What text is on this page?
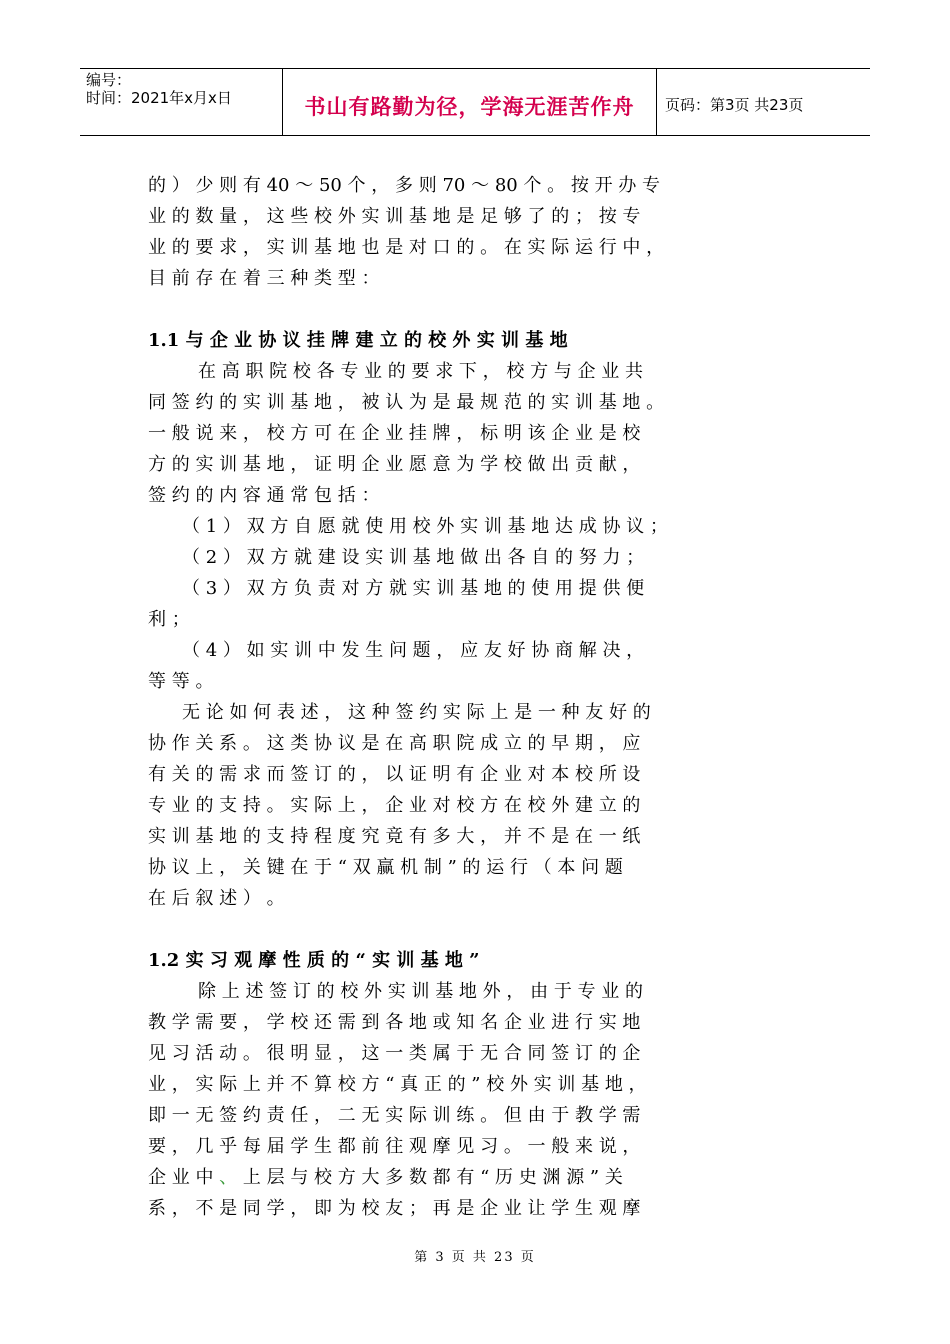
编号：
时间：2021年x月x日	书山有路勤为径，学海无涯苦作舟	页码：第3页 共23页
的 ） 少 则 有 40 ～ 50 个 ， 多 则 70 ～ 80 个 。 按 开 办 专
业 的 数 量 ， 这 些 校 外 实 训 基 地 是 足 够 了 的 ； 按 专
业 的 要 求 ， 实 训 基 地 也 是 对 口 的 。 在 实 际 运 行 中 ，
目 前 存 在 着 三 种 类 型 ：
1.1 与 企 业 协 议 挂 牌 建 立 的 校 外 实 训 基 地
在 高 职 院 校 各 专 业 的 要 求 下 ， 校 方 与 企 业 共
同 签 约 的 实 训 基 地 ， 被 认 为 是 最 规 范 的 实 训 基 地 。
一 般 说 来 ， 校 方 可 在 企 业 挂 牌 ， 标 明 该 企 业 是 校
方 的 实 训 基 地 ， 证 明 企 业 愿 意 为 学 校 做 出 贡 献 ，
签 约 的 内 容 通 常 包 括 ：
（ 1 ） 双 方 自 愿 就 使 用 校 外 实 训 基 地 达 成 协 议 ；
（ 2 ） 双 方 就 建 设 实 训 基 地 做 出 各 自 的 努 力 ；
（ 3 ） 双 方 负 责 对 方 就 实 训 基 地 的 使 用 提 供 便
利 ；
（ 4 ） 如 实 训 中 发 生 问 题 ， 应 友 好 协 商 解 决 ，
等 等 。
无 论 如 何 表 述 ， 这 种 签 约 实 际 上 是 一 种 友 好 的
协 作 关 系 。 这 类 协 议 是 在 高 职 院 成 立 的 早 期 ， 应
有 关 的 需 求 而 签 订 的 ， 以 证 明 有 企 业 对 本 校 所 设
专 业 的 支 持 。 实 际 上 ， 企 业 对 校 方 在 校 外 建 立 的
实 训 基 地 的 支 持 程 度 究 竟 有 多 大 ， 并 不 是 在 一 纸
协 议 上 ， 关 键 在 于 “ 双 赢 机 制 ” 的 运 行 （ 本 问 题
在 后 叙 述 ） 。
1.2 实 习 观 摩 性 质 的 “ 实 训 基 地 ”
除 上 述 签 订 的 校 外 实 训 基 地 外 ， 由 于 专 业 的
教 学 需 要 ， 学 校 还 需 到 各 地 或 知 名 企 业 进 行 实 地
见 习 活 动 。 很 明 显 ， 这 一 类 属 于 无 合 同 签 订 的 企
业 ， 实 际 上 并 不 算 校 方 “ 真 正 的 ” 校 外 实 训 基 地 ，
即 一 无 签 约 责 任 ， 二 无 实 际 训 练 。 但 由 于 教 学 需
要 ， 几 乎 每 届 学 生 都 前 往 观 摩 见 习 。 一 般 来 说 ，
企 业 中 、 上 层 与 校 方 大 多 数 都 有 “ 历 史 渊 源 ” 关
系 ， 不 是 同 学 ， 即 为 校 友 ； 再 是 企 业 让 学 生 观 摩
第 3 页 共 23 页
